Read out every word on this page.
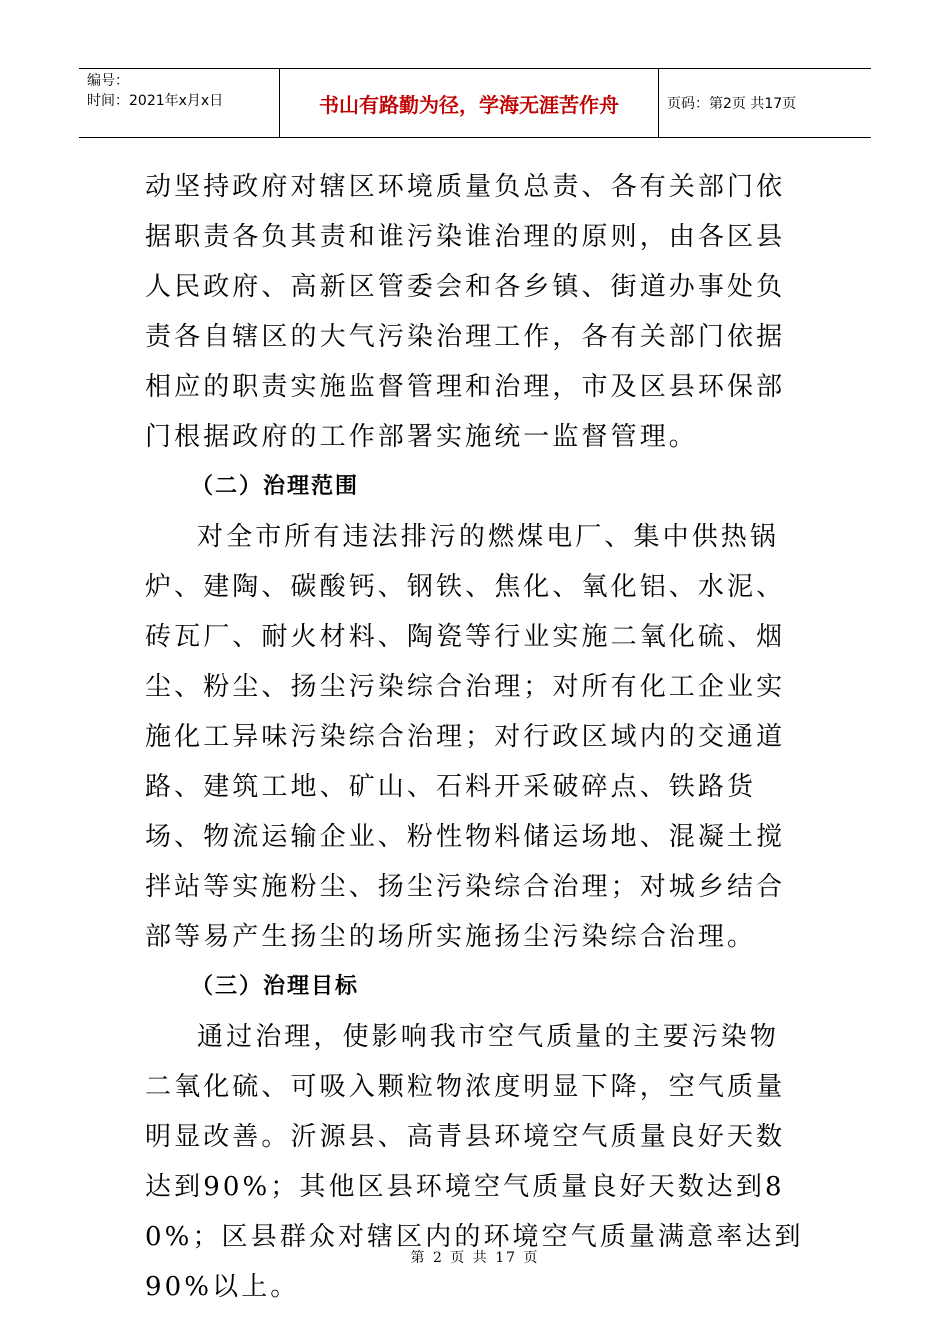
编号：
时间：2021年x月x日	书山有路勤为径，学海无涯苦作舟	页码：第2页 共17页

动坚持政府对辖区环境质量负总责、各有关部门依据职责各负其责和谁污染谁治理的原则，由各区县人民政府、高新区管委会和各乡镇、街道办事处负责各自辖区的大气污染治理工作，各有关部门依据相应的职责实施监督管理和治理，市及区县环保部门根据政府的工作部署实施统一监督管理。

（二）治理范围

对全市所有违法排污的燃煤电厂、集中供热锅炉、建陶、碳酸钙、钢铁、焦化、氧化铝、水泥、砖瓦厂、耐火材料、陶瓷等行业实施二氧化硫、烟尘、粉尘、扬尘污染综合治理；对所有化工企业实施化工异味污染综合治理；对行政区域内的交通道路、建筑工地、矿山、石料开采破碎点、铁路货场、物流运输企业、粉性物料储运场地、混凝土搅拌站等实施粉尘、扬尘污染综合治理；对城乡结合部等易产生扬尘的场所实施扬尘污染综合治理。

（三）治理目标

通过治理，使影响我市空气质量的主要污染物二氧化硫、可吸入颗粒物浓度明显下降，空气质量明显改善。沂源县、高青县环境空气质量良好天数达到90%；其他区县环境空气质量良好天数达到80%；区县群众对辖区内的环境空气质量满意率达到90%以上。

第 2 页 共 17 页
